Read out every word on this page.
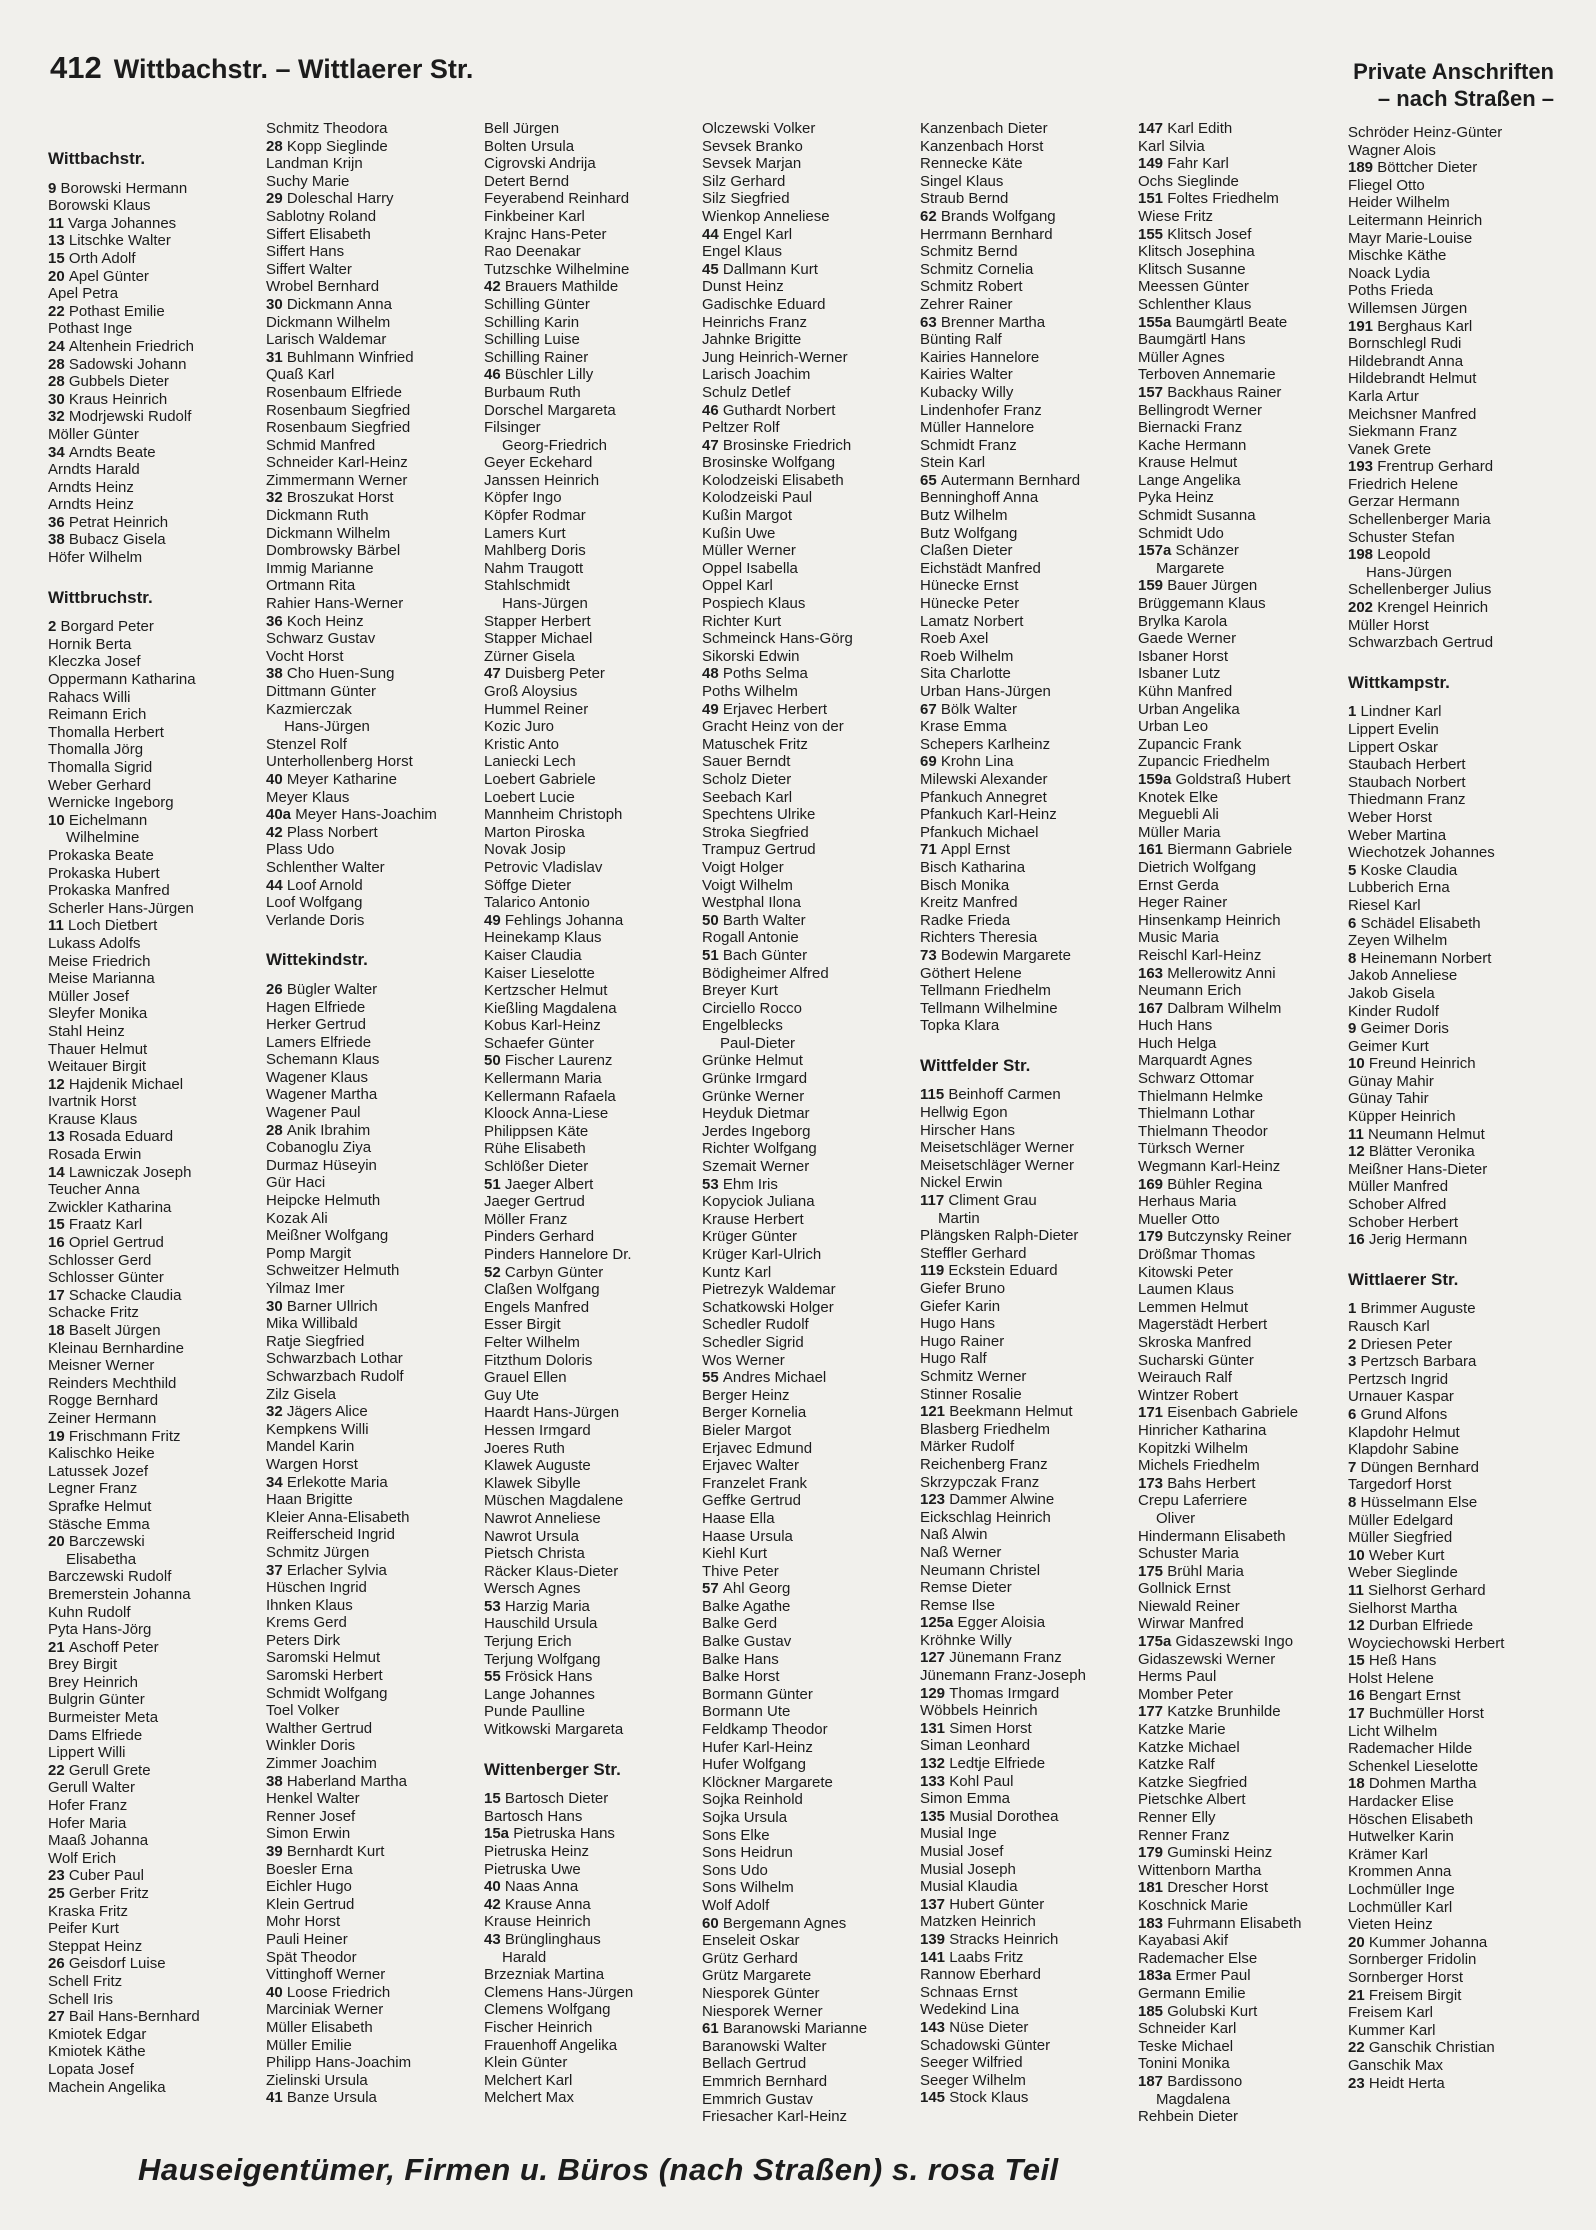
412 Wittbachstr. – Wittlaerer Str.	Private Anschriften
– nach Straßen –
Wittbachstr.
9 Borowski Hermann
Borowski Klaus
11 Varga Johannes
13 Litschke Walter
15 Orth Adolf
20 Apel Günter
Apel Petra
22 Pothast Emilie
Pothast Inge
24 Altenhein Friedrich
28 Sadowski Johann
28 Gubbels Dieter
30 Kraus Heinrich
32 Modrjewski Rudolf
Möller Günter
34 Arndts Beate
Arndts Harald
Arndts Heinz
Arndts Heinz
36 Petrat Heinrich
38 Bubacz Gisela
Höfer Wilhelm
Wittbruchstr.
2 Borgard Peter
Hornik Berta
Kleczka Josef
Oppermann Katharina
Rahacs Willi
Reimann Erich
Thomalla Herbert
Thomalla Jörg
Thomalla Sigrid
Weber Gerhard
Wernicke Ingeborg
10 Eichelmann
Wilhelmine
Prokaska Beate
Prokaska Hubert
Prokaska Manfred
Scherler Hans-Jürgen
11 Loch Dietbert
Lukass Adolfs
Meise Friedrich
Meise Marianna
Müller Josef
Sleyfer Monika
Stahl Heinz
Thauer Helmut
Weitauer Birgit
12 Hajdenik Michael
Ivartnik Horst
Krause Klaus
13 Rosada Eduard
Rosada Erwin
14 Lawniczak Joseph
Teucher Anna
Zwickler Katharina
15 Fraatz Karl
16 Opriel Gertrud
Schlosser Gerd
Schlosser Günter
17 Schacke Claudia
Schacke Fritz
18 Baselt Jürgen
Kleinau Bernhardine
Meisner Werner
Reinders Mechthild
Rogge Bernhard
Zeiner Hermann
19 Frischmann Fritz
Kalischko Heike
Latussek Jozef
Legner Franz
Sprafke Helmut
Stäsche Emma
20 Barczewski
Elisabetha
Barczewski Rudolf
Bremerstein Johanna
Kuhn Rudolf
Pyta Hans-Jörg
21 Aschoff Peter
Brey Birgit
Brey Heinrich
Bulgrin Günter
Burmeister Meta
Dams Elfriede
Lippert Willi
22 Gerull Grete
Gerull Walter
Hofer Franz
Hofer Maria
Maaß Johanna
Wolf Erich
23 Cuber Paul
25 Gerber Fritz
Kraska Fritz
Peifer Kurt
Steppat Heinz
26 Geisdorf Luise
Schell Fritz
Schell Iris
27 Bail Hans-Bernhard
Kmiotek Edgar
Kmiotek Käthe
Lopata Josef
Machein Angelika
Schmitz Theodora
28 Kopp Sieglinde
Landman Krijn
Suchy Marie
29 Doleschal Harry
Sablotny Roland
Siffert Elisabeth
Siffert Hans
Siffert Walter
Wrobel Bernhard
30 Dickmann Anna
Dickmann Wilhelm
Larisch Waldemar
31 Buhlmann Winfried
Quaß Karl
Rosenbaum Elfriede
Rosenbaum Siegfried
Rosenbaum Siegfried
Schmid Manfred
Schneider Karl-Heinz
Zimmermann Werner
32 Broszukat Horst
Dickmann Ruth
Dickmann Wilhelm
Dombrowsky Bärbel
Immig Marianne
Ortmann Rita
Rahier Hans-Werner
36 Koch Heinz
Schwarz Gustav
Vocht Horst
38 Cho Huen-Sung
Dittmann Günter
Kazmierczak
Hans-Jürgen
Stenzel Rolf
Unterhollenberg Horst
40 Meyer Katharine
Meyer Klaus
40a Meyer Hans-Joachim
42 Plass Norbert
Plass Udo
Schlenther Walter
44 Loof Arnold
Loof Wolfgang
Verlande Doris
Wittekindstr.
26 Bügler Walter
Hagen Elfriede
Herker Gertrud
Lamers Elfriede
Schemann Klaus
Wagener Klaus
Wagener Martha
Wagener Paul
28 Anik Ibrahim
Cobanoglu Ziya
Durmaz Hüseyin
Gür Haci
Heipcke Helmuth
Kozak Ali
Meißner Wolfgang
Pomp Margit
Schweitzer Helmuth
Yilmaz Imer
30 Barner Ullrich
Mika Willibald
Ratje Siegfried
Schwarzbach Lothar
Schwarzbach Rudolf
Zilz Gisela
32 Jägers Alice
Kempkens Willi
Mandel Karin
Wargen Horst
34 Erlekotte Maria
Haan Brigitte
Kleier Anna-Elisabeth
Reifferscheid Ingrid
Schmitz Jürgen
37 Erlacher Sylvia
Hüschen Ingrid
Ihnken Klaus
Krems Gerd
Peters Dirk
Saromski Helmut
Saromski Herbert
Schmidt Wolfgang
Toel Volker
Walther Gertrud
Winkler Doris
Zimmer Joachim
38 Haberland Martha
Henkel Walter
Renner Josef
Simon Erwin
39 Bernhardt Kurt
Boesler Erna
Eichler Hugo
Klein Gertrud
Mohr Horst
Pauli Heiner
Spät Theodor
Vittinghoff Werner
40 Loose Friedrich
Marciniak Werner
Müller Elisabeth
Müller Emilie
Philipp Hans-Joachim
Zielinski Ursula
41 Banze Ursula
Bell Jürgen
Bolten Ursula
Cigrovski Andrija
Detert Bernd
Feyerabend Reinhard
Finkbeiner Karl
Krajnc Hans-Peter
Rao Deenakar
Tutzschke Wilhelmine
42 Brauers Mathilde
Schilling Günter
Schilling Karin
Schilling Luise
Schilling Rainer
46 Büschler Lilly
Burbaum Ruth
Dorschel Margareta
Filsinger
Georg-Friedrich
Geyer Eckehard
Janssen Heinrich
Köpfer Ingo
Köpfer Rodmar
Lamers Kurt
Mahlberg Doris
Nahm Traugott
Stahlschmidt
Hans-Jürgen
Stapper Herbert
Stapper Michael
Zürner Gisela
47 Duisberg Peter
Groß Aloysius
Hummel Reiner
Kozic Juro
Kristic Anto
Laniecki Lech
Loebert Gabriele
Loebert Lucie
Mannheim Christoph
Marton Piroska
Novak Josip
Petrovic Vladislav
Söffge Dieter
Talarico Antonio
49 Fehlings Johanna
Heinekamp Klaus
Kaiser Claudia
Kaiser Lieselotte
Kertzscher Helmut
Kießling Magdalena
Kobus Karl-Heinz
Schaefer Günter
50 Fischer Laurenz
Kellermann Maria
Kellermann Rafaela
Kloock Anna-Liese
Philippsen Käte
Rühe Elisabeth
Schlößer Dieter
51 Jaeger Albert
Jaeger Gertrud
Möller Franz
Pinders Gerhard
Pinders Hannelore Dr.
52 Carbyn Günter
Claßen Wolfgang
Engels Manfred
Esser Birgit
Felter Wilhelm
Fitzthum Doloris
Grauel Ellen
Guy Ute
Haardt Hans-Jürgen
Hessen Irmgard
Joeres Ruth
Klawek Auguste
Klawek Sibylle
Müschen Magdalene
Nawrot Anneliese
Nawrot Ursula
Pietsch Christa
Räcker Klaus-Dieter
Wersch Agnes
53 Harzig Maria
Hauschild Ursula
Terjung Erich
Terjung Wolfgang
55 Frösick Hans
Lange Johannes
Punde Paulline
Witkowski Margareta
Wittenberger Str.
15 Bartosch Dieter
Bartosch Hans
15a Pietruska Hans
Pietruska Heinz
Pietruska Uwe
40 Naas Anna
42 Krause Anna
Krause Heinrich
43 Brünglinghaus
Harald
Brzezniak Martina
Clemens Hans-Jürgen
Clemens Wolfgang
Fischer Heinrich
Frauenhoff Angelika
Klein Günter
Melchert Karl
Melchert Max
Olczewski Volker
Sevsek Branko
Sevsek Marjan
Silz Gerhard
Silz Siegfried
Wienkop Anneliese
44 Engel Karl
Engel Klaus
45 Dallmann Kurt
Dunst Heinz
Gadischke Eduard
Heinrichs Franz
Jahnke Brigitte
Jung Heinrich-Werner
Larisch Joachim
Schulz Detlef
46 Guthardt Norbert
Peltzer Rolf
47 Brosinske Friedrich
Brosinske Wolfgang
Kolodzeiski Elisabeth
Kolodzeiski Paul
Kußin Margot
Kußin Uwe
Müller Werner
Oppel Isabella
Oppel Karl
Pospiech Klaus
Richter Kurt
Schmeinck Hans-Görg
Sikorski Edwin
48 Poths Selma
Poths Wilhelm
49 Erjavec Herbert
Gracht Heinz von der
Matuschek Fritz
Sauer Berndt
Scholz Dieter
Seebach Karl
Spechtens Ulrike
Stroka Siegfried
Trampuz Gertrud
Voigt Holger
Voigt Wilhelm
Westphal Ilona
50 Barth Walter
Rogall Antonie
51 Bach Günter
Bödigheimer Alfred
Breyer Kurt
Circiello Rocco
Engelblecks
Paul-Dieter
Grünke Helmut
Grünke Irmgard
Grünke Werner
Heyduk Dietmar
Jerdes Ingeborg
Richter Wolfgang
Szemait Werner
53 Ehm Iris
Kopyciok Juliana
Krause Herbert
Krüger Günter
Krüger Karl-Ulrich
Kuntz Karl
Pietrezyk Waldemar
Schatkowski Holger
Schedler Rudolf
Schedler Sigrid
Wos Werner
55 Andres Michael
Berger Heinz
Berger Kornelia
Bieler Margot
Erjavec Edmund
Erjavec Walter
Franzelet Frank
Geffke Gertrud
Haase Ella
Haase Ursula
Kiehl Kurt
Thive Peter
57 Ahl Georg
Balke Agathe
Balke Gerd
Balke Gustav
Balke Hans
Balke Horst
Bormann Günter
Bormann Ute
Feldkamp Theodor
Hufer Karl-Heinz
Hufer Wolfgang
Klöckner Margarete
Sojka Reinhold
Sojka Ursula
Sons Elke
Sons Heidrun
Sons Udo
Sons Wilhelm
Wolf Adolf
60 Bergemann Agnes
Enseleit Oskar
Grütz Gerhard
Grütz Margarete
Niesporek Günter
Niesporek Werner
61 Baranowski Marianne
Baranowski Walter
Bellach Gertrud
Emmrich Bernhard
Emmrich Gustav
Friesacher Karl-Heinz
Kanzenbach Dieter
Kanzenbach Horst
Rennecke Käte
Singel Klaus
Straub Bernd
62 Brands Wolfgang
Herrmann Bernhard
Schmitz Bernd
Schmitz Cornelia
Schmitz Robert
Zehrer Rainer
63 Brenner Martha
Bünting Ralf
Kairies Hannelore
Kairies Walter
Kubacky Willy
Lindenhofer Franz
Müller Hannelore
Schmidt Franz
Stein Karl
65 Autermann Bernhard
Benninghoff Anna
Butz Wilhelm
Butz Wolfgang
Claßen Dieter
Eichstädt Manfred
Hünecke Ernst
Hünecke Peter
Lamatz Norbert
Roeb Axel
Roeb Wilhelm
Sita Charlotte
Urban Hans-Jürgen
67 Bölk Walter
Krase Emma
Schepers Karlheinz
69 Krohn Lina
Milewski Alexander
Pfankuch Annegret
Pfankuch Karl-Heinz
Pfankuch Michael
71 Appl Ernst
Bisch Katharina
Bisch Monika
Kreitz Manfred
Radke Frieda
Richters Theresia
73 Bodewin Margarete
Göthert Helene
Tellmann Friedhelm
Tellmann Wilhelmine
Topka Klara
Wittfelder Str.
115 Beinhoff Carmen
Hellwig Egon
Hirscher Hans
Meisetschläger Werner
Meisetschläger Werner
Nickel Erwin
117 Climent Grau
Martin
Plängsken Ralph-Dieter
Steffler Gerhard
119 Eckstein Eduard
Giefer Bruno
Giefer Karin
Hugo Hans
Hugo Rainer
Hugo Ralf
Schmitz Werner
Stinner Rosalie
121 Beekmann Helmut
Blasberg Friedhelm
Märker Rudolf
Reichenberg Franz
Skrzypczak Franz
123 Dammer Alwine
Eickschlag Heinrich
Naß Alwin
Naß Werner
Neumann Christel
Remse Dieter
Remse Ilse
125a Egger Aloisia
Kröhnke Willy
127 Jünemann Franz
Jünemann Franz-Joseph
129 Thomas Irmgard
Wöbbels Heinrich
131 Simen Horst
Siman Leonhard
132 Ledtje Elfriede
133 Kohl Paul
Simon Emma
135 Musial Dorothea
Musial Inge
Musial Josef
Musial Joseph
Musial Klaudia
137 Hubert Günter
Matzken Heinrich
139 Stracks Heinrich
141 Laabs Fritz
Rannow Eberhard
Schnaas Ernst
Wedekind Lina
143 Nüse Dieter
Schadowski Günter
Seeger Wilfried
Seeger Wilhelm
145 Stock Klaus
147 Karl Edith
Karl Silvia
149 Fahr Karl
Ochs Sieglinde
151 Foltes Friedhelm
Wiese Fritz
155 Klitsch Josef
Klitsch Josephina
Klitsch Susanne
Meessen Günter
Schlenther Klaus
155a Baumgärtl Beate
Baumgärtl Hans
Müller Agnes
Terboven Annemarie
157 Backhaus Rainer
Bellingrodt Werner
Biernacki Franz
Kache Hermann
Krause Helmut
Lange Angelika
Pyka Heinz
Schmidt Susanna
Schmidt Udo
157a Schänzer
Margarete
159 Bauer Jürgen
Brüggemann Klaus
Brylka Karola
Gaede Werner
Isbaner Horst
Isbaner Lutz
Kühn Manfred
Urban Angelika
Urban Leo
Zupancic Frank
Zupancic Friedhelm
159a Goldstraß Hubert
Knotek Elke
Meguebli Ali
Müller Maria
161 Biermann Gabriele
Dietrich Wolfgang
Ernst Gerda
Heger Rainer
Hinsenkamp Heinrich
Music Maria
Reischl Karl-Heinz
163 Mellerowitz Anni
Neumann Erich
167 Dalbram Wilhelm
Huch Hans
Huch Helga
Marquardt Agnes
Schwarz Ottomar
Thielmann Helmke
Thielmann Lothar
Thielmann Theodor
Türksch Werner
Wegmann Karl-Heinz
169 Bühler Regina
Herhaus Maria
Mueller Otto
179 Butczynsky Reiner
Drößmar Thomas
Kitowski Peter
Laumen Klaus
Lemmen Helmut
Magerstädt Herbert
Skroska Manfred
Sucharski Günter
Weirauch Ralf
Wintzer Robert
171 Eisenbach Gabriele
Hinricher Katharina
Kopitzki Wilhelm
Michels Friedhelm
173 Bahs Herbert
Crepu Laferriere
Oliver
Hindermann Elisabeth
Schuster Maria
175 Brühl Maria
Gollnick Ernst
Niewald Reiner
Wirwar Manfred
175a Gidaszewski Ingo
Gidaszewski Werner
Herms Paul
Momber Peter
177 Katzke Brunhilde
Katzke Marie
Katzke Michael
Katzke Ralf
Katzke Siegfried
Pietschke Albert
Renner Elly
Renner Franz
179 Guminski Heinz
Wittenborn Martha
181 Drescher Horst
Koschnick Marie
183 Fuhrmann Elisabeth
Kayabasi Akif
Rademacher Else
183a Ermer Paul
Germann Emilie
185 Golubski Kurt
Schneider Karl
Teske Michael
Tonini Monika
187 Bardissono
Magdalena
Rehbein Dieter
Schröder Heinz-Günter
Wagner Alois
189 Böttcher Dieter
Fliegel Otto
Heider Wilhelm
Leitermann Heinrich
Mayr Marie-Louise
Mischke Käthe
Noack Lydia
Poths Frieda
Willemsen Jürgen
191 Berghaus Karl
Bornschlegl Rudi
Hildebrandt Anna
Hildebrandt Helmut
Karla Artur
Meichsner Manfred
Siekmann Franz
Vanek Grete
193 Frentrup Gerhard
Friedrich Helene
Gerzar Hermann
Schellenberger Maria
Schuster Stefan
198 Leopold
Hans-Jürgen
Schellenberger Julius
202 Krengel Heinrich
Müller Horst
Schwarzbach Gertrud
Wittkampstr.
1 Lindner Karl
Lippert Evelin
Lippert Oskar
Staubach Herbert
Staubach Norbert
Thiedmann Franz
Weber Horst
Weber Martina
Wiechotzek Johannes
5 Koske Claudia
Lubberich Erna
Riesel Karl
6 Schädel Elisabeth
Zeyen Wilhelm
8 Heinemann Norbert
Jakob Anneliese
Jakob Gisela
Kinder Rudolf
9 Geimer Doris
Geimer Kurt
10 Freund Heinrich
Günay Mahir
Günay Tahir
Küpper Heinrich
11 Neumann Helmut
12 Blätter Veronika
Meißner Hans-Dieter
Müller Manfred
Schober Alfred
Schober Herbert
16 Jerig Hermann
Wittlaerer Str.
1 Brimmer Auguste
Rausch Karl
2 Driesen Peter
3 Pertzsch Barbara
Pertzsch Ingrid
Urnauer Kaspar
6 Grund Alfons
Klapdohr Helmut
Klapdohr Sabine
7 Düngen Bernhard
Targedorf Horst
8 Hüsselmann Else
Müller Edelgard
Müller Siegfried
10 Weber Kurt
Weber Sieglinde
11 Sielhorst Gerhard
Sielhorst Martha
12 Durban Elfriede
Woyciechowski Herbert
15 Heß Hans
Holst Helene
16 Bengart Ernst
17 Buchmüller Horst
Licht Wilhelm
Rademacher Hilde
Schenkel Lieselotte
18 Dohmen Martha
Hardacker Elise
Höschen Elisabeth
Hutwelker Karin
Krämer Karl
Krommen Anna
Lochmüller Inge
Lochmüller Karl
Vieten Heinz
20 Kummer Johanna
Sornberger Fridolin
Sornberger Horst
21 Freisem Birgit
Freisem Karl
Kummer Karl
22 Ganschik Christian
Ganschik Max
23 Heidt Herta
Hauseigentümer, Firmen u. Büros (nach Straßen) s. rosa Teil
